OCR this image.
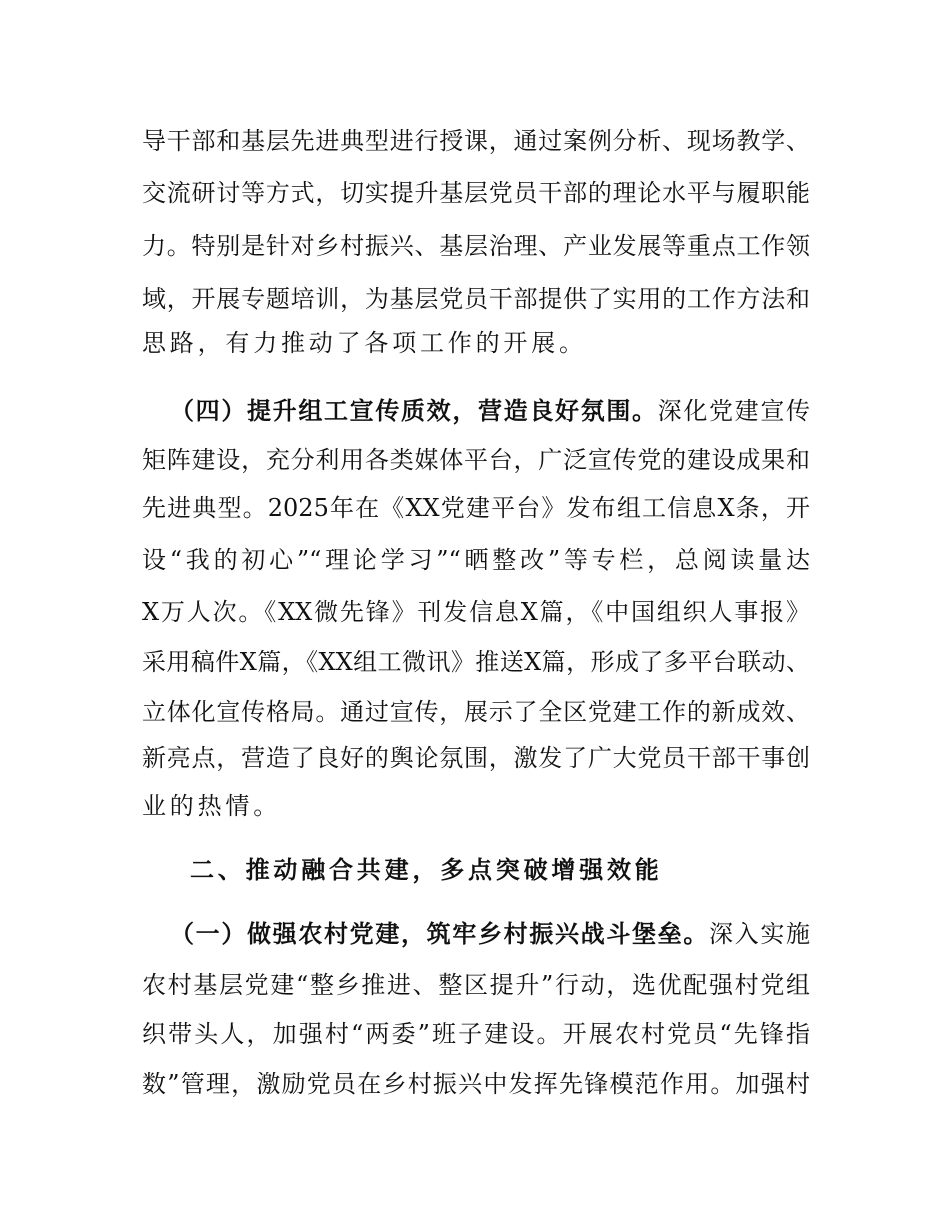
导干部和基层先进典型进行授课，通过案例分析、现场教学、
交流研讨等方式，切实提升基层党员干部的理论水平与履职能
力。特别是针对乡村振兴、基层治理、产业发展等重点工作领
域，开展专题培训，为基层党员干部提供了实用的工作方法和
思路，有力推动了各项工作的开展。
（四）提升组工宣传质效，营造良好氛围。深化党建宣传
矩阵建设，充分利用各类媒体平台，广泛宣传党的建设成果和
先进典型。2025年在《XX党建平台》发布组工信息X条，开
设“我的初心”“理论学习”“晒整改”等专栏，总阅读量达
X万人次。《XX微先锋》刊发信息X篇，《中国组织人事报》
采用稿件X篇，《XX组工微讯》推送X篇，形成了多平台联动、
立体化宣传格局。通过宣传，展示了全区党建工作的新成效、
新亮点，营造了良好的舆论氛围，激发了广大党员干部干事创
业的热情。
二、推动融合共建，多点突破增强效能
（一）做强农村党建，筑牢乡村振兴战斗堡垒。深入实施
农村基层党建“整乡推进、整区提升”行动，选优配强村党组
织带头人，加强村“两委”班子建设。开展农村党员“先锋指
数”管理，激励党员在乡村振兴中发挥先锋模范作用。加强村
